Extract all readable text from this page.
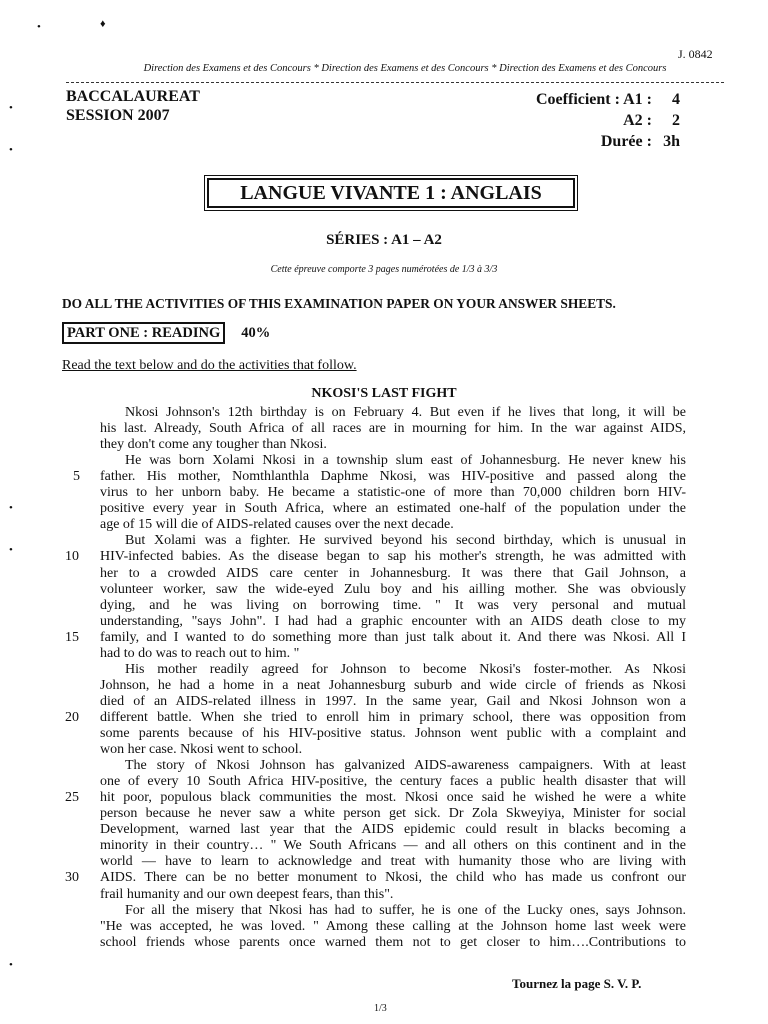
•	♦
•
•
•
•
•
J. 0842
Direction des Examens et des Concours * Direction des Examens et des Concours * Direction des Examens et des Concours
BACCALAUREAT
SESSION 2007
Coefficient : A1 :	4
A2 :	2
Durée : 3h
LANGUE VIVANTE 1 : ANGLAIS
SÉRIES : A1 – A2
Cette épreuve comporte 3 pages numérotées de 1/3 à 3/3
DO ALL THE ACTIVITIES OF THIS EXAMINATION PAPER ON YOUR ANSWER SHEETS.
PART ONE : READING	40%
Read the text below and do the activities that follow.
NKOSI'S LAST FIGHT
Nkosi Johnson's 12th birthday is on February 4. But even if he lives that long, it will be
his last. Already, South Africa of all races are in mourning for him. In the war against AIDS,
they don't come any tougher than Nkosi.
He was born Xolami Nkosi in a township slum east of Johannesburg. He never knew his
father. His mother, Nomthlanthla Daphme Nkosi, was HIV-positive and passed along the
virus to her unborn baby. He became a statistic-one of more than 70,000 children born HIV-
positive every year in South Africa, where an estimated one-half of the population under the
age of 15 will die of AIDS-related causes over the next decade.
But Xolami was a fighter. He survived beyond his second birthday, which is unusual in
HIV-infected babies. As the disease began to sap his mother's strength, he was admitted with
her to a crowded AIDS care center in Johannesburg. It was there that Gail Johnson, a
volunteer worker, saw the wide-eyed Zulu boy and his ailling mother. She was obviously
dying, and he was living on borrowing time. " It was very personal and mutual
understanding, "says John". I had had a graphic encounter with an AIDS death close to my
family, and I wanted to do something more than just talk about it. And there was Nkosi. All I
had to do was to reach out to him. "
His mother readily agreed for Johnson to become Nkosi's foster-mother. As Nkosi
Johnson, he had a home in a neat Johannesburg suburb and wide circle of friends as Nkosi
died of an AIDS-related illness in 1997. In the same year, Gail and Nkosi Johnson won a
different battle. When she tried to enroll him in primary school, there was opposition from
some parents because of his HIV-positive status. Johnson went public with a complaint and
won her case. Nkosi went to school.
The story of Nkosi Johnson has galvanized AIDS-awareness campaigners. With at least
one of every 10 South Africa HIV-positive, the century faces a public health disaster that will
hit poor, populous black communities the most. Nkosi once said he wished he were a white
person because he never saw a white person get sick. Dr Zola Skweyiya, Minister for social
Development, warned last year that the AIDS epidemic could result in blacks becoming a
minority in their country… " We South Africans — and all others on this continent and in the
world — have to learn to acknowledge and treat with humanity those who are living with
AIDS. There can be no better monument to Nkosi, the child who has made us confront our
frail humanity and our own deepest fears, than this".
For all the misery that Nkosi has had to suffer, he is one of the Lucky ones, says Johnson.
"He was accepted, he was loved. " Among these calling at the Johnson home last week were
school friends whose parents once warned them not to get closer to him….Contributions to
5
10
15
20
25
30
Tournez la page S. V. P.
1/3
